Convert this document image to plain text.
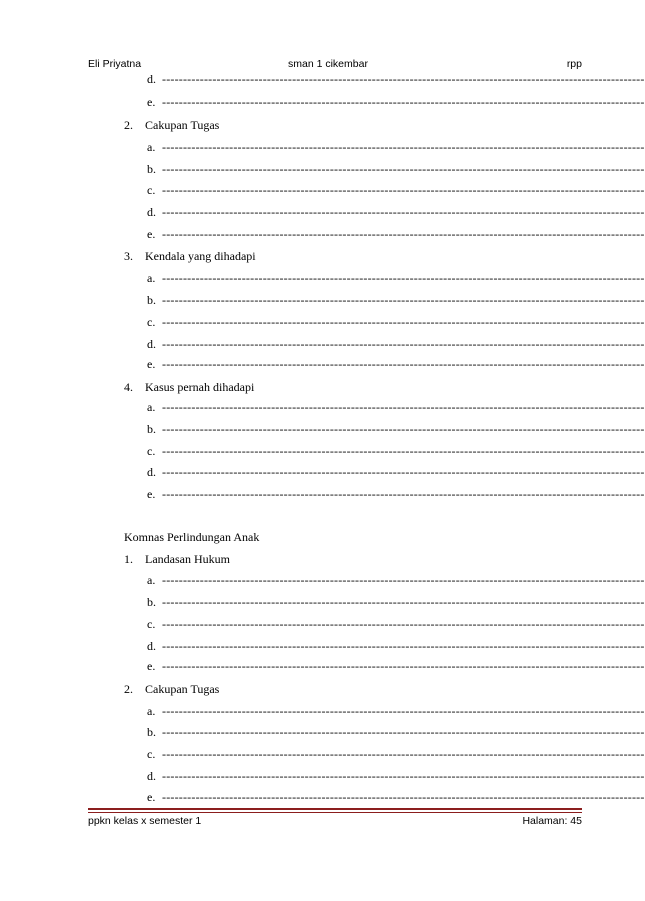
Eli Priyatna	sman 1 cikembar	rpp
d. -------------------------------------------------------------------------------------------------------------------
e. -------------------------------------------------------------------------------------------------------------------
2. Cakupan Tugas
a. -------------------------------------------------------------------------------------------------------------------
b. -------------------------------------------------------------------------------------------------------------------
c. -------------------------------------------------------------------------------------------------------------------
d. -------------------------------------------------------------------------------------------------------------------
e. -------------------------------------------------------------------------------------------------------------------
3. Kendala yang dihadapi
a. -------------------------------------------------------------------------------------------------------------------
b. -------------------------------------------------------------------------------------------------------------------
c. -------------------------------------------------------------------------------------------------------------------
d. -------------------------------------------------------------------------------------------------------------------
e. -------------------------------------------------------------------------------------------------------------------
4. Kasus pernah dihadapi
a. -------------------------------------------------------------------------------------------------------------------
b. -------------------------------------------------------------------------------------------------------------------
c. -------------------------------------------------------------------------------------------------------------------
d. -------------------------------------------------------------------------------------------------------------------
e. -------------------------------------------------------------------------------------------------------------------
Komnas Perlindungan Anak
1. Landasan Hukum
a. -------------------------------------------------------------------------------------------------------------------
b. -------------------------------------------------------------------------------------------------------------------
c. -------------------------------------------------------------------------------------------------------------------
d. -------------------------------------------------------------------------------------------------------------------
e. -------------------------------------------------------------------------------------------------------------------
2. Cakupan Tugas
a. -------------------------------------------------------------------------------------------------------------------
b. -------------------------------------------------------------------------------------------------------------------
c. -------------------------------------------------------------------------------------------------------------------
d. -------------------------------------------------------------------------------------------------------------------
e. -------------------------------------------------------------------------------------------------------------------
ppkn kelas x semester 1	Halaman: 45
